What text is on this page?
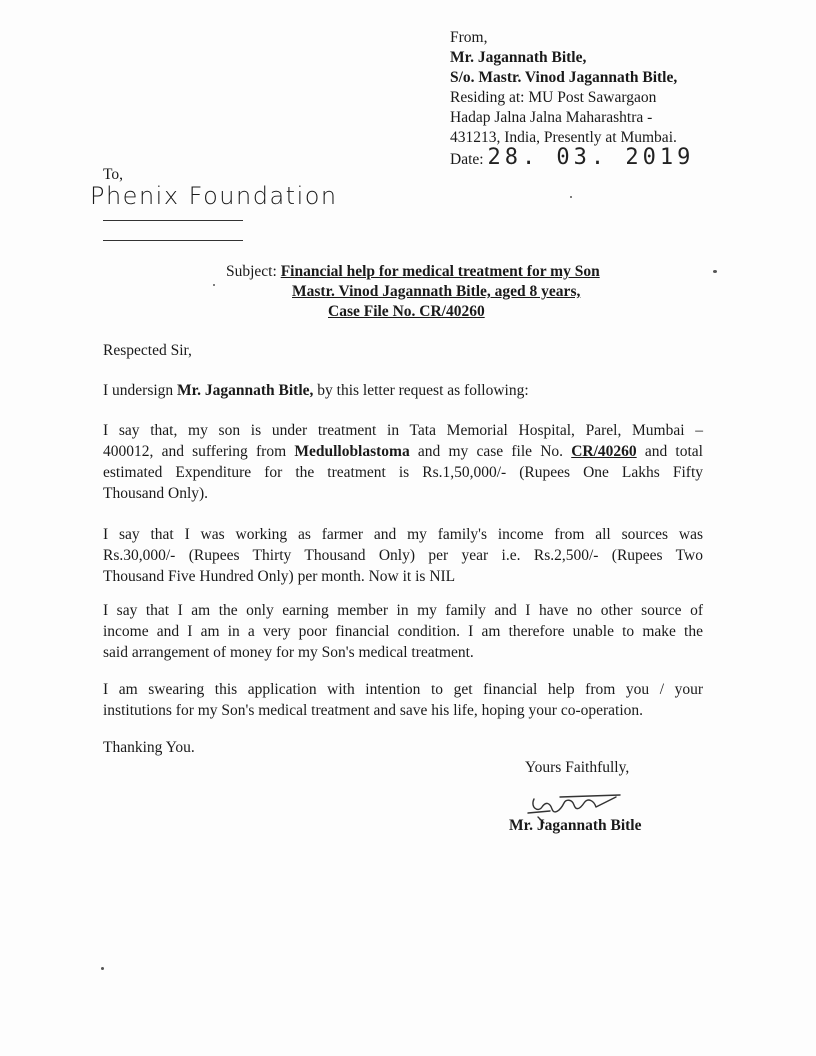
From,
Mr. Jagannath Bitle,
S/o. Mastr. Vinod Jagannath Bitle,
Residing at: MU Post Sawargaon
Hadap Jalna Jalna Maharashtra -
431213, India, Presently at Mumbai.
Date: 28. 03. 2019
To,
Phenix Foundation
Subject: Financial help for medical treatment for my Son
Mastr. Vinod Jagannath Bitle, aged 8 years,
Case File No. CR/40260
Respected Sir,
I undersign Mr. Jagannath Bitle, by this letter request as following:
I say that, my son is under treatment in Tata Memorial Hospital, Parel, Mumbai –
400012, and suffering from Medulloblastoma and my case file No. CR/40260 and total
estimated Expenditure for the treatment is Rs.1,50,000/- (Rupees One Lakhs Fifty
Thousand Only).
I say that I was working as farmer and my family's income from all sources was
Rs.30,000/- (Rupees Thirty Thousand Only) per year i.e. Rs.2,500/- (Rupees Two
Thousand Five Hundred Only) per month. Now it is NIL
I say that I am the only earning member in my family and I have no other source of
income and I am in a very poor financial condition. I am therefore unable to make the
said arrangement of money for my Son's medical treatment.
I am swearing this application with intention to get financial help from you / your
institutions for my Son's medical treatment and save his life, hoping your co-operation.
Thanking You.
Yours Faithfully,
Mr. Jagannath Bitle
